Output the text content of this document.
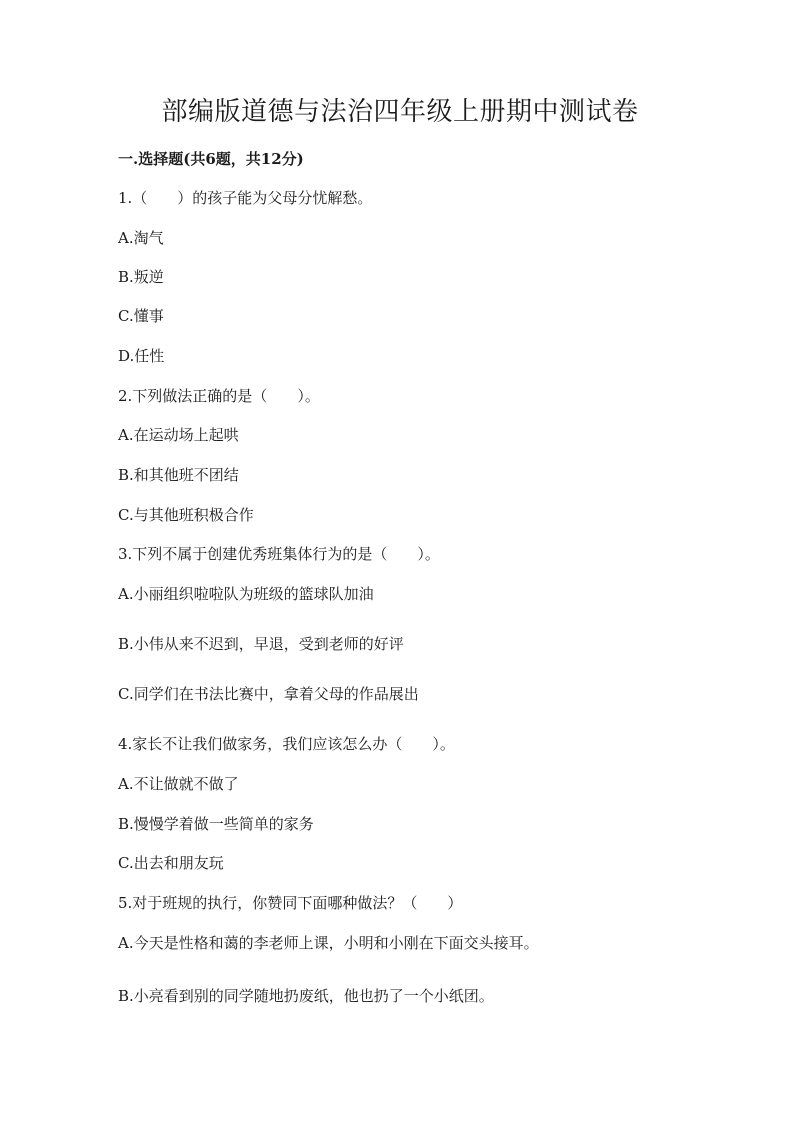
部编版道德与法治四年级上册期中测试卷
一.选择题(共6题，共12分)
1.（　　）的孩子能为父母分忧解愁。
A.淘气
B.叛逆
C.懂事
D.任性
2.下列做法正确的是（　　）。
A.在运动场上起哄
B.和其他班不团结
C.与其他班积极合作
3.下列不属于创建优秀班集体行为的是（　　）。
A.小丽组织啦啦队为班级的篮球队加油
B.小伟从来不迟到，早退，受到老师的好评
C.同学们在书法比赛中，拿着父母的作品展出
4.家长不让我们做家务，我们应该怎么办（　　）。
A.不让做就不做了
B.慢慢学着做一些简单的家务
C.出去和朋友玩
5.对于班规的执行，你赞同下面哪种做法？（　　）
A.今天是性格和蔼的李老师上课，小明和小刚在下面交头接耳。
B.小亮看到别的同学随地扔废纸，他也扔了一个小纸团。
